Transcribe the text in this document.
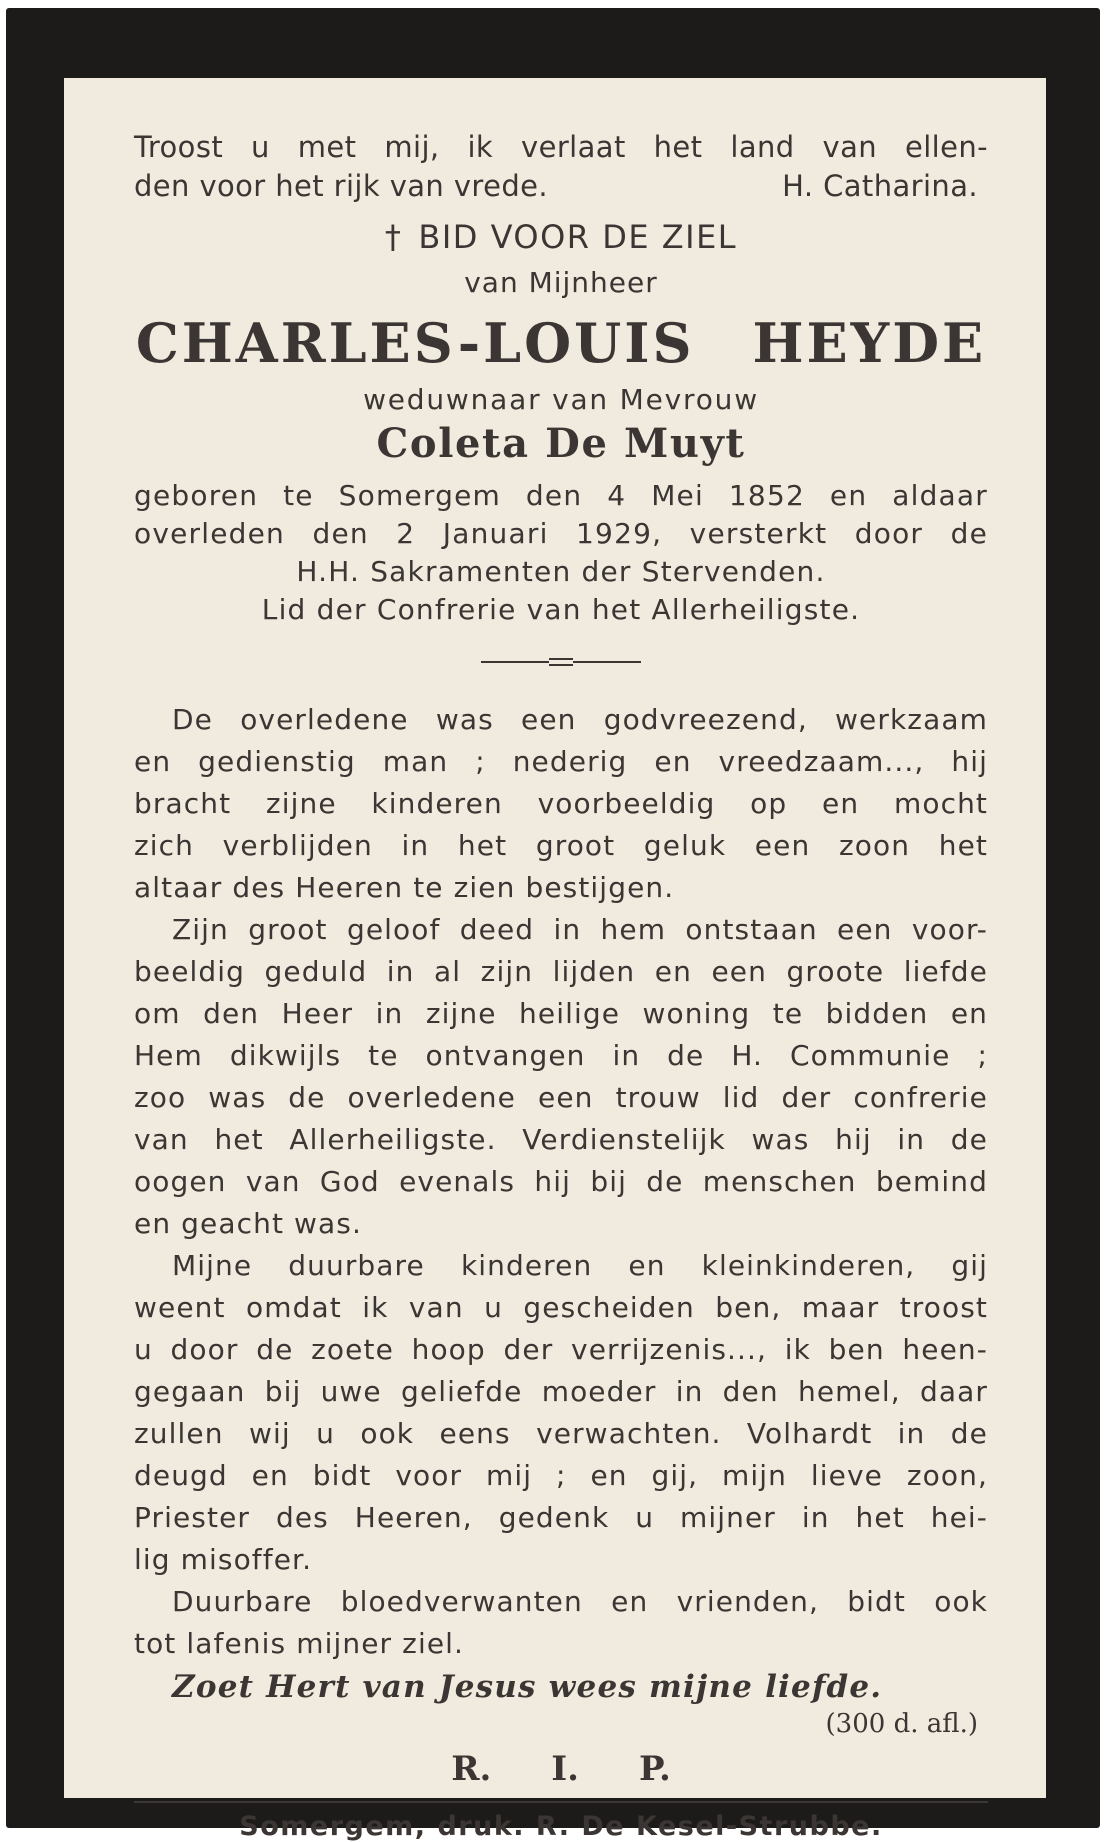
Troost u met mij, ik verlaat het land van ellen-

den voor het rijk van vrede.	H. Catharina.

† BID VOOR DE ZIEL

van Mijnheer

CHARLES-LOUIS HEYDE

weduwnaar van Mevrouw

Coleta De Muyt

geboren te Somergem den 4 Mei 1852 en aldaar

overleden den 2 Januari 1929, versterkt door de

H.H. Sakramenten der Stervenden.

Lid der Confrerie van het Allerheiligste.

De overledene was een godvreezend, werkzaam

en gedienstig man ; nederig en vreedzaam..., hij

bracht zijne kinderen voorbeeldig op en mocht

zich verblijden in het groot geluk een zoon het

altaar des Heeren te zien bestijgen.

Zijn groot geloof deed in hem ontstaan een voor-

beeldig geduld in al zijn lijden en een groote liefde

om den Heer in zijne heilige woning te bidden en

Hem dikwijls te ontvangen in de H. Communie ;

zoo was de overledene een trouw lid der confrerie

van het Allerheiligste. Verdienstelijk was hij in de

oogen van God evenals hij bij de menschen bemind

en geacht was.

Mijne duurbare kinderen en kleinkinderen, gij

weent omdat ik van u gescheiden ben, maar troost

u door de zoete hoop der verrijzenis..., ik ben heen-

gegaan bij uwe geliefde moeder in den hemel, daar

zullen wij u ook eens verwachten. Volhardt in de

deugd en bidt voor mij ; en gij, mijn lieve zoon,

Priester des Heeren, gedenk u mijner in het hei-

lig misoffer.

Duurbare bloedverwanten en vrienden, bidt ook

tot lafenis mijner ziel.

Zoet Hert van Jesus wees mijne liefde.

(300 d. afl.)

R. I. P.

Somergem, druk. R. De Kesel-Strubbe.
